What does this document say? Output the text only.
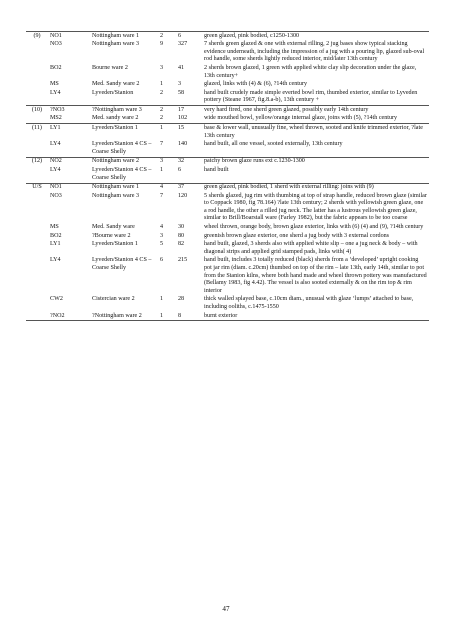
(9)	NO1	Nottingham ware 1	2	6	green glazed, pink bodied, c1250-1300
	NO3	Nottingham ware 3	9	327	7 sherds green glazed & one with external rilling, 2 jug bases show typical stacking evidence underneath, including the impression of a jug with a pouring lip, glazed sub-oval rod handle, some sherds lightly reduced interior, mid/later 13th century
	BO2	Bourne ware 2	3	41	2 sherds brown glazed, 1 green with applied white clay slip decoration under the glaze, 13th century+
	MS	Med. Sandy ware 2	1	3	glazed, links with (4) & (6), ?14th century
	LY4	Lyveden/Stanion	2	58	hand built crudely made simple everted bowl rim, thumbed exterior, similar to Lyveden pottery (Steane 1967, fig.8.a-b), 13th century +
(10)	?NO3	?Nottingham ware 3	2	17	very hard fired, one sherd green glazed, possibly early 14th century
	MS2	Med. sandy ware 2	2	102	wide mouthed bowl, yellow/orange internal glaze, joins with (5), ?14th century
(11)	LY1	Lyveden/Stanion 1	1	15	base & lower wall, unusually fine, wheel thrown, sooted and knife trimmed exterior, ?late 13th century
	LY4	Lyveden/Stanion 4 CS – Coarse Shelly	7	140	hand built, all one vessel, sooted externally, 13th century
(12)	NO2	Nottingham ware 2	3	32	patchy brown glaze runs ext c.1230-1300
	LY4	Lyveden/Stanion 4 CS – Coarse Shelly	1	6	hand built
U/S	NO1	Nottingham ware 1	4	37	green glazed, pink bodied, 1 sherd with external rilling: joins with (9)
	NO3	Nottingham ware 3	7	120	5 sherds glazed, jug rim with thumbing at top of strap handle, reduced brown glaze (similar to Coppack 1980, fig 78.164) ?late 13th century; 2 sherds with yellowish green glaze, one a rod handle, the other a rilled jug neck. The latter has a lustrous yellowish green glaze, similar to Brill/Boarstall ware (Farley 1982), but the fabric appears to be too coarse
	MS	Med. Sandy ware	4	30	wheel thrown, orange body, brown glaze exterior, links with (6) (4) and (9), ?14th century
	BO2	?Bourne ware 2	3	80	greenish brown glaze exterior, one sherd a jug body with 3 external cordons
	LY1	Lyveden/Stanion 1	5	82	hand built, glazed, 3 sherds also with applied white slip – one a jug neck & body – with diagonal strips and applied grid stamped pads, links with( 4)
	LY4	Lyveden/Stanion 4 CS – Coarse Shelly	6	215	hand built, includes 3 totally reduced (black) sherds from a ‘developed’ upright cooking pot jar rim (diam. c.20cm) thumbed on top of the rim – late 13th, early 14th, similar to pot from the Stanion kilns, where both hand made and wheel thrown pottery was manufactured (Bellamy 1983, fig 4.42). The vessel is also sooted externally & on the rim top & rim interior
	CW2	Cistercian ware 2	1	28	thick walled splayed base, c.10cm diam., unusual with glaze ‘lumps’ attached to base, including ooliths, c.1475-1550
	?NO2	?Nottingham ware 2	1	8	burnt exterior
47
